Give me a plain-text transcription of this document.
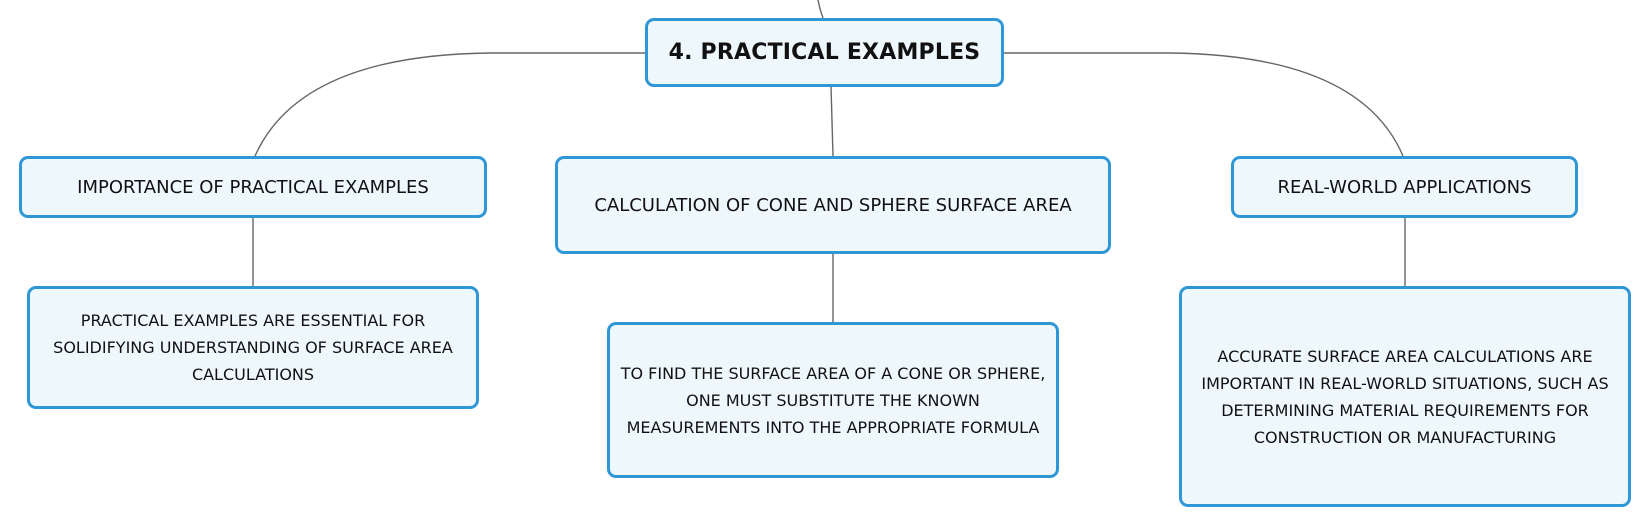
4. PRACTICAL EXAMPLES
IMPORTANCE OF PRACTICAL EXAMPLES
CALCULATION OF CONE AND SPHERE SURFACE AREA
REAL-WORLD APPLICATIONS
PRACTICAL EXAMPLES ARE ESSENTIAL FOR SOLIDIFYING UNDERSTANDING OF SURFACE AREA CALCULATIONS	TO FIND THE SURFACE AREA OF A CONE OR SPHERE, ONE MUST SUBSTITUTE THE KNOWN MEASUREMENTS INTO THE APPROPRIATE FORMULA
ACCURATE SURFACE AREA CALCULATIONS ARE IMPORTANT IN REAL-WORLD SITUATIONS, SUCH AS DETERMINING MATERIAL REQUIREMENTS FOR CONSTRUCTION OR MANUFACTURING
